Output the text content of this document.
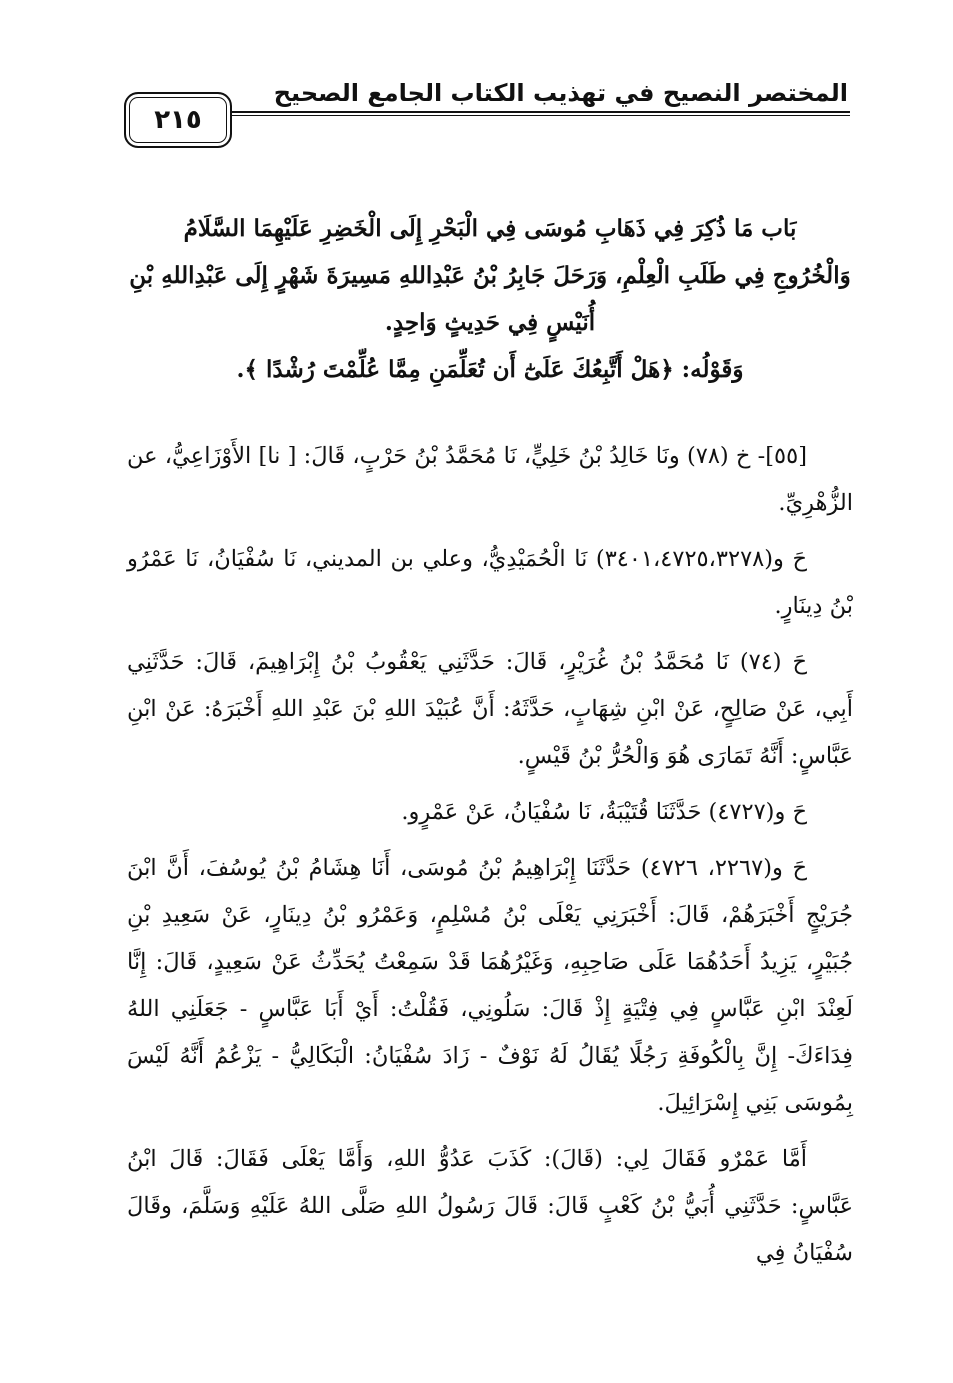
المختصر النصيح في تهذيب الكتاب الجامع الصحيح
٢١٥
بَاب مَا ذُكِرَ فِي ذَهَابِ مُوسَى فِي الْبَحْرِ إِلَى الْخَضِرِ عَلَيْهِمَا السَّلَامُ
وَالْخُرُوجِ فِي طَلَبِ الْعِلْمِ، وَرَحَلَ جَابِرُ بْنُ عَبْدِاللهِ مَسِيرَةَ شَهْرٍ إِلَى عَبْدِاللهِ بْنِ
أُنَيْسٍ فِي حَدِيثٍ وَاحِدٍ.
وَقَوْلُه: ﴿هَلْ أَتَّبِعُكَ عَلَىٰٓ أَن تُعَلِّمَنِ مِمَّا عُلِّمْتَ رُشْدًا ﴾.

[٥٥]- خ (٧٨) ونَا خَالِدُ بْنُ خَلِيٍّ، نَا مُحَمَّدُ بْنُ حَرْبٍ، قَالَ: [ نا] الأَوْزَاعِيُّ، عن الزُّهْرِيِّ.

حَ و(٣٤٠١،٤٧٢٥،٣٢٧٨) نَا الْحُمَيْدِيُّ، وعلي بن المديني، نَا سُفْيَانُ، نَا عَمْرُو بْنُ دِينَارٍ.

حَ (٧٤) نَا مُحَمَّدُ بْنُ غُرَيْرٍ، قَالَ: حَدَّثَنِي يَعْقُوبُ بْنُ إِبْرَاهِيمَ، قَالَ: حَدَّثَنِي أَبِي، عَنْ صَالِحٍ، عَنْ ابْنِ شِهَابٍ، حَدَّثَهُ: أَنَّ عُبَيْدَ اللهِ بْنَ عَبْدِ اللهِ أَخْبَرَهُ: عَنْ ابْنِ عَبَّاسٍ: أَنَّهُ تَمَارَى هُوَ وَالْحُرُّ بْنُ قَيْسٍ.

حَ و(٤٧٢٧) حَدَّثَنَا قُتَيْبَةُ، نَا سُفْيَانُ، عَنْ عَمْرٍو.

حَ و(٢٢٦٧، ٤٧٢٦) حَدَّثَنَا إِبْرَاهِيمُ بْنُ مُوسَى، أَنَا هِشَامُ بْنُ يُوسُفَ، أَنَّ ابْنَ جُرَيْجٍ أَخْبَرَهُمْ، قَالَ: أَخْبَرَنِي يَعْلَى بْنُ مُسْلِمٍ، وَعَمْرُو بْنُ دِينَارٍ، عَنْ سَعِيدِ بْنِ جُبَيْرٍ، يَزِيدُ أَحَدُهُمَا عَلَى صَاحِبِهِ، وَغَيْرُهُمَا قَدْ سَمِعْتُ يُحَدِّثُ عَنْ سَعِيدٍ، قَالَ: إِنَّا لَعِنْدَ ابْنِ عَبَّاسٍ فِي فِتْيَةٍ إِذْ قَالَ: سَلُونِي، فَقُلْتُ: أَيْ أَبَا عَبَّاسٍ - جَعَلَنِي اللهُ فِدَاءَكَ- إِنَّ بِالْكُوفَةِ رَجُلًا يُقَالُ لَهُ نَوْفٌ - زَادَ سُفْيَانُ: الْبَكَالِيُّ - يَزْعُمُ أَنَّهُ لَيْسَ بِمُوسَى بَنِي إِسْرَائِيلَ.

أَمَّا عَمْرٌو فَقَالَ لِي: (قَالَ): كَذَبَ عَدُوُّ اللهِ، وَأَمَّا يَعْلَى فَقَالَ: قَالَ ابْنُ عَبَّاسٍ: حَدَّثَنِي أُبَيُّ بْنُ كَعْبٍ قَالَ: قَالَ رَسُولُ اللهِ صَلَّى اللهُ عَلَيْهِ وَسَلَّمَ، وقَالَ سُفْيَانُ فِي
